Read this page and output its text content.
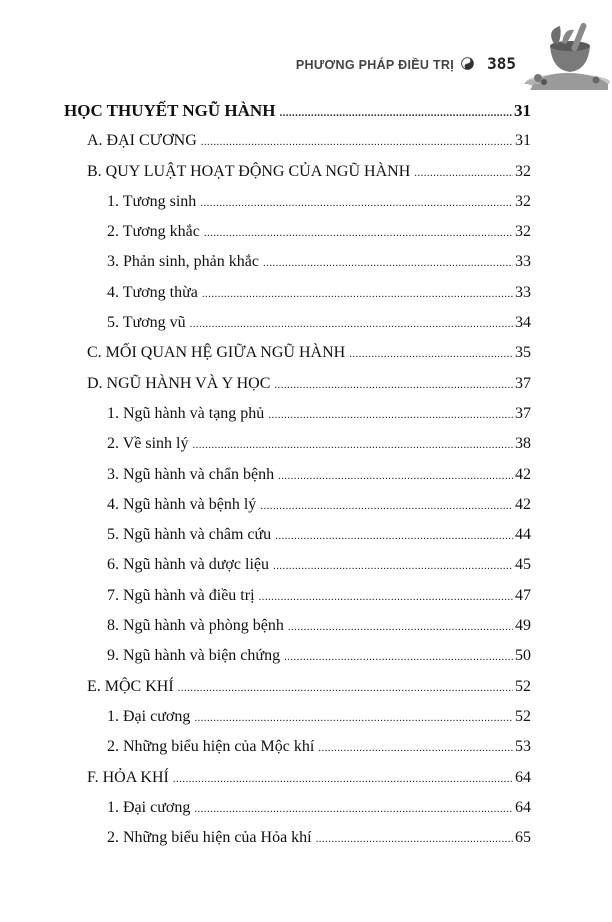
PHƯƠNG PHÁP ĐIỀU TRỊ 385
HỌC THUYẾT NGŨ HÀNH .....	31
A. ĐẠI CƯƠNG .....	31
B. QUY LUẬT HOẠT ĐỘNG CỦA NGŨ HÀNH .....	32
1. Tương sinh .....	32
2. Tương khắc .....	32
3. Phản sinh, phản khắc .....	33
4. Tương thừa .....	33
5. Tương vũ .....	34
C. MỐI QUAN HỆ GIỮA NGŨ HÀNH .....	35
D. NGŨ HÀNH VÀ Y HỌC .....	37
1. Ngũ hành và tạng phủ .....	37
2. Về sinh lý .....	38
3. Ngũ hành và chẩn bệnh .....	42
4. Ngũ hành và bệnh lý .....	42
5. Ngũ hành và châm cứu .....	44
6. Ngũ hành và dược liệu .....	45
7. Ngũ hành và điều trị .....	47
8. Ngũ hành và phòng bệnh .....	49
9. Ngũ hành và biện chứng .....	50
E. MỘC KHÍ .....	52
1. Đại cương .....	52
2. Những biểu hiện của Mộc khí .....	53
F. HỎA KHÍ .....	64
1. Đại cương .....	64
2. Những biểu hiện của Hỏa khí .....	65
